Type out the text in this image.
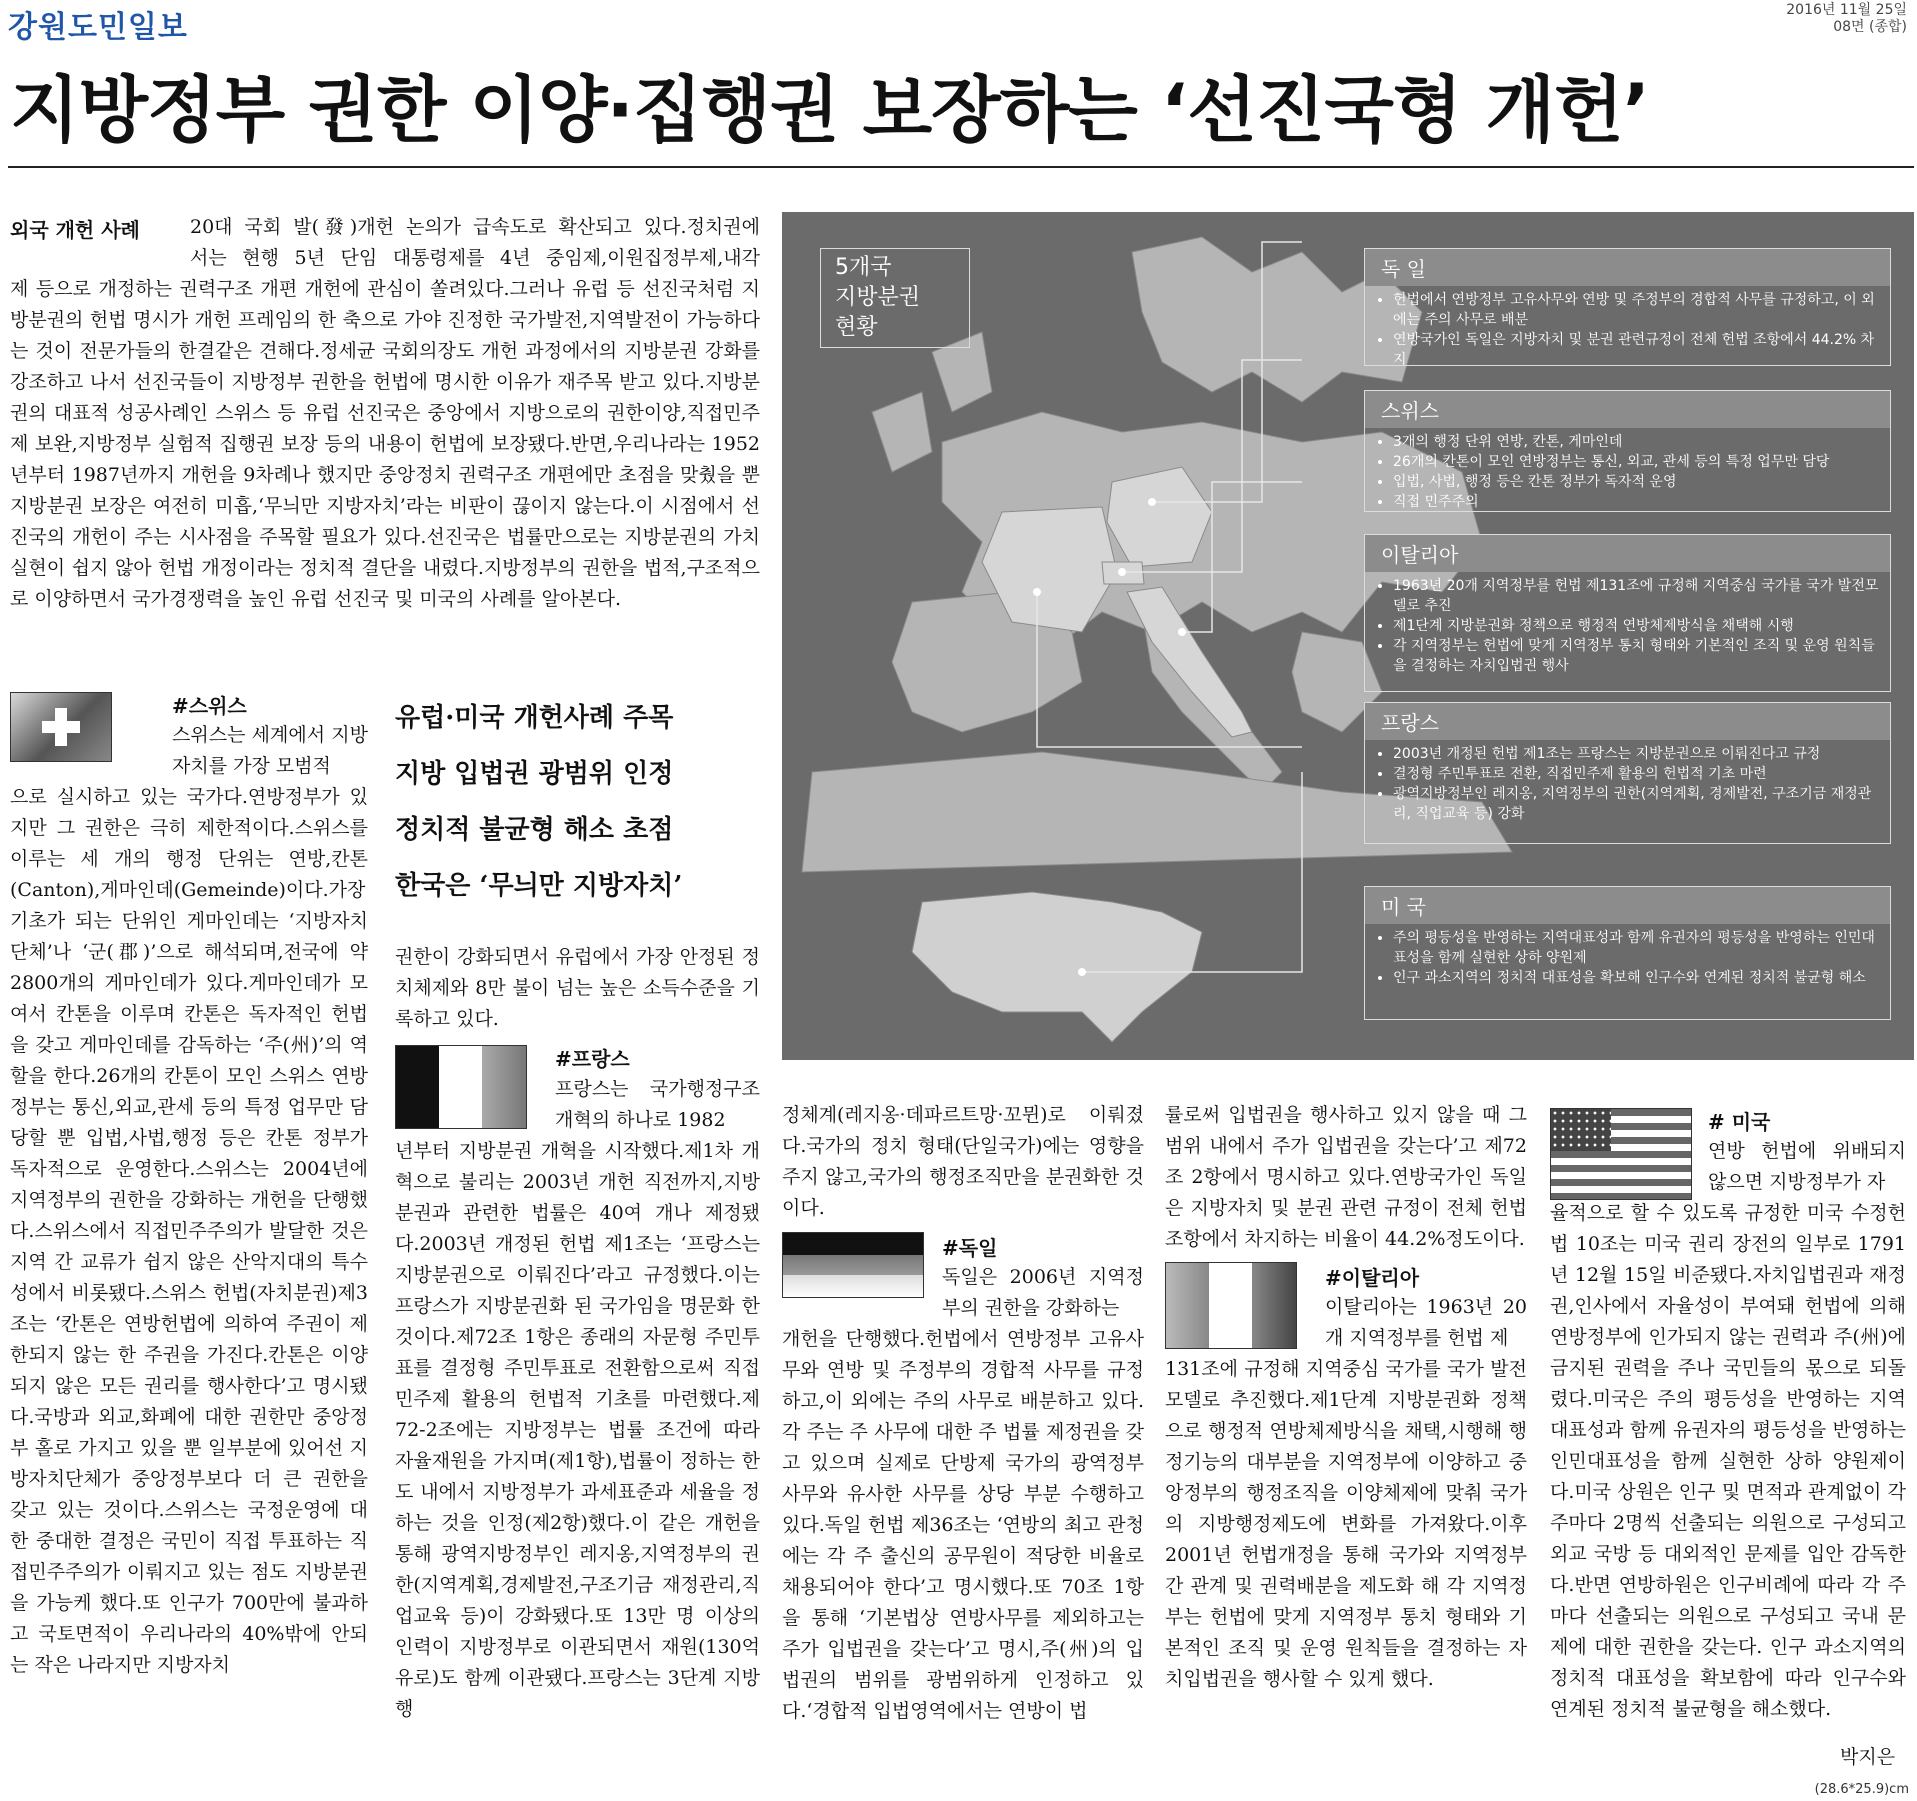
강원도민일보	2016년 11월 25일
08면 (종합)
지방정부 권한 이양·집행권 보장하는 ‘선진국형 개헌’
외국 개헌 사례	20대 국회 발(發)개헌 논의가 급속도로 확산되고 있다.정치권에
서는 현행 5년 단임 대통령제를 4년 중임제,이원집정부제,내각
제 등으로 개정하는 권력구조 개편 개헌에 관심이 쏠려있다.그러나 유럽 등 선진국처럼 지방분권의 헌법 명시가 개헌 프레임의 한 축으로 가야 진정한 국가발전,지역발전이 가능하다는 것이 전문가들의 한결같은 견해다.정세균 국회의장도 개헌 과정에서의 지방분권 강화를 강조하고 나서 선진국들이 지방정부 권한을 헌법에 명시한 이유가 재주목 받고 있다.지방분권의 대표적 성공사례인 스위스 등 유럽 선진국은 중앙에서 지방으로의 권한이양,직접민주제 보완,지방정부 실험적 집행권 보장 등의 내용이 헌법에 보장됐다.반면,우리나라는 1952년부터 1987년까지 개헌을 9차례나 했지만 중앙정치 권력구조 개편에만 초점을 맞췄을 뿐 지방분권 보장은 여전히 미흡,‘무늬만 지방자치’라는 비판이 끊이지 않는다.이 시점에서 선진국의 개헌이 주는 시사점을 주목할 필요가 있다.선진국은 법률만으로는 지방분권의 가치 실현이 쉽지 않아 헌법 개정이라는 정치적 결단을 내렸다.지방정부의 권한을 법적,구조적으로 이양하면서 국가경쟁력을 높인 유럽 선진국 및 미국의 사례를 알아본다.
#스위스
스위스는 세계에서 지방자치를 가장 모범적
으로 실시하고 있는 국가다.연방정부가 있지만 그 권한은 극히 제한적이다.스위스를 이루는 세 개의 행정 단위는 연방,칸톤(Canton),게마인데(Gemeinde)이다.가장 기초가 되는 단위인 게마인데는 ‘지방자치단체’나 ‘군(郡)’으로 해석되며,전국에 약 2800개의 게마인데가 있다.게마인데가 모여서 칸톤을 이루며 칸톤은 독자적인 헌법을 갖고 게마인데를 감독하는 ‘주(州)’의 역할을 한다.26개의 칸톤이 모인 스위스 연방정부는 통신,외교,관세 등의 특정 업무만 담당할 뿐 입법,사법,행정 등은 칸톤 정부가 독자적으로 운영한다.스위스는 2004년에 지역정부의 권한을 강화하는 개헌을 단행했다.스위스에서 직접민주주의가 발달한 것은 지역 간 교류가 쉽지 않은 산악지대의 특수성에서 비롯됐다.스위스 헌법(자치분권)제3조는 ‘칸톤은 연방헌법에 의하여 주권이 제한되지 않는 한 주권을 가진다.칸톤은 이양되지 않은 모든 권리를 행사한다’고 명시됐다.국방과 외교,화폐에 대한 권한만 중앙정부 홀로 가지고 있을 뿐 일부분에 있어선 지방자치단체가 중앙정부보다 더 큰 권한을 갖고 있는 것이다.스위스는 국정운영에 대한 중대한 결정은 국민이 직접 투표하는 직접민주주의가 이뤄지고 있는 점도 지방분권을 가능케 했다.또 인구가 700만에 불과하고 국토면적이 우리나라의 40%밖에 안되는 작은 나라지만 지방자치
유럽·미국 개헌사례 주목
지방 입법권 광범위 인정
정치적 불균형 해소 초점
한국은 ‘무늬만 지방자치’
권한이 강화되면서 유럽에서 가장 안정된 정치체제와 8만 불이 넘는 높은 소득수준을 기록하고 있다.
#프랑스
프랑스는 국가행정구조 개혁의 하나로 1982
년부터 지방분권 개혁을 시작했다.제1차 개혁으로 불리는 2003년 개헌 직전까지,지방분권과 관련한 법률은 40여 개나 제정됐다.2003년 개정된 헌법 제1조는 ‘프랑스는 지방분권으로 이뤄진다’라고 규정했다.이는 프랑스가 지방분권화 된 국가임을 명문화 한 것이다.제72조 1항은 종래의 자문형 주민투표를 결정형 주민투표로 전환함으로써 직접민주제 활용의 헌법적 기초를 마련했다.제72-2조에는 지방정부는 법률 조건에 따라 자율재원을 가지며(제1항),법률이 정하는 한도 내에서 지방정부가 과세표준과 세율을 정하는 것을 인정(제2항)했다.이 같은 개헌을 통해 광역지방정부인 레지옹,지역정부의 권한(지역계획,경제발전,구조기금 재정관리,직업교육 등)이 강화됐다.또 13만 명 이상의 인력이 지방정부로 이관되면서 재원(130억 유로)도 함께 이관됐다.프랑스는 3단계 지방행
5개국
지방분권
현황
독 일
• 헌법에서 연방정부 고유사무와 연방 및 주정부의 경합적 사무를 규정하고, 이 외에는 주의 사무로 배분
• 연방국가인 독일은 지방자치 및 분권 관련규정이 전체 헌법 조항에서 44.2% 차지
스위스
• 3개의 행정 단위 연방, 칸톤, 게마인데
• 26개의 칸톤이 모인 연방정부는 통신, 외교, 관세 등의 특정 업무만 담당
• 입법, 사법, 행정 등은 칸톤 정부가 독자적 운영
• 직접 민주주의
이탈리아
• 1963년 20개 지역정부를 헌법 제131조에 규정해 지역중심 국가를 국가 발전모델로 추진
• 제1단계 지방분권화 정책으로 행정적 연방체제방식을 채택해 시행
• 각 지역정부는 헌법에 맞게 지역정부 통치 형태와 기본적인 조직 및 운영 원칙들을 결정하는 자치입법권 행사
프랑스
• 2003년 개정된 헌법 제1조는 프랑스는 지방분권으로 이뤄진다고 규정
• 결정형 주민투표로 전환, 직접민주제 활용의 헌법적 기초 마련
• 광역지방정부인 레지옹, 지역정부의 권한(지역계획, 경제발전, 구조기금 재정관리, 직업교육 등) 강화
미 국
• 주의 평등성을 반영하는 지역대표성과 함께 유권자의 평등성을 반영하는 인민대표성을 함께 실현한 상하 양원제
• 인구 과소지역의 정치적 대표성을 확보해 인구수와 연계된 정치적 불균형 해소
정체계(레지옹·데파르트망·꼬뮌)로 이뤄졌다.국가의 정치 형태(단일국가)에는 영향을 주지 않고,국가의 행정조직만을 분권화한 것이다.
#독일
독일은 2006년 지역정부의 권한을 강화하는
개헌을 단행했다.헌법에서 연방정부 고유사무와 연방 및 주정부의 경합적 사무를 규정하고,이 외에는 주의 사무로 배분하고 있다.각 주는 주 사무에 대한 주 법률 제정권을 갖고 있으며 실제로 단방제 국가의 광역정부 사무와 유사한 사무를 상당 부분 수행하고 있다.독일 헌법 제36조는 ‘연방의 최고 관청에는 각 주 출신의 공무원이 적당한 비율로 채용되어야 한다’고 명시했다.또 70조 1항을 통해 ‘기본법상 연방사무를 제외하고는 주가 입법권을 갖는다’고 명시,주(州)의 입법권의 범위를 광범위하게 인정하고 있다.‘경합적 입법영역에서는 연방이 법
률로써 입법권을 행사하고 있지 않을 때 그 범위 내에서 주가 입법권을 갖는다’고 제72조 2항에서 명시하고 있다.연방국가인 독일은 지방자치 및 분권 관련 규정이 전체 헌법 조항에서 차지하는 비율이 44.2%정도이다.
#이탈리아
이탈리아는 1963년 20개 지역정부를 헌법 제
131조에 규정해 지역중심 국가를 국가 발전모델로 추진했다.제1단계 지방분권화 정책으로 행정적 연방체제방식을 채택,시행해 행정기능의 대부분을 지역정부에 이양하고 중앙정부의 행정조직을 이양체제에 맞춰 국가의 지방행정제도에 변화를 가져왔다.이후 2001년 헌법개정을 통해 국가와 지역정부 간 관계 및 권력배분을 제도화 해 각 지역정부는 헌법에 맞게 지역정부 통치 형태와 기본적인 조직 및 운영 원칙들을 결정하는 자치입법권을 행사할 수 있게 했다.
# 미국
연방 헌법에 위배되지 않으면 지방정부가 자
율적으로 할 수 있도록 규정한 미국 수정헌법 10조는 미국 권리 장전의 일부로 1791년 12월 15일 비준됐다.자치입법권과 재정권,인사에서 자율성이 부여돼 헌법에 의해 연방정부에 인가되지 않는 권력과 주(州)에 금지된 권력을 주나 국민들의 몫으로 되돌렸다.미국은 주의 평등성을 반영하는 지역대표성과 함께 유권자의 평등성을 반영하는 인민대표성을 함께 실현한 상하 양원제이다.미국 상원은 인구 및 면적과 관계없이 각 주마다 2명씩 선출되는 의원으로 구성되고 외교 국방 등 대외적인 문제를 입안 감독한다.반면 연방하원은 인구비례에 따라 각 주마다 선출되는 의원으로 구성되고 국내 문제에 대한 권한을 갖는다. 인구 과소지역의 정치적 대표성을 확보함에 따라 인구수와 연계된 정치적 불균형을 해소했다.
박지은
(28.6*25.9)cm
